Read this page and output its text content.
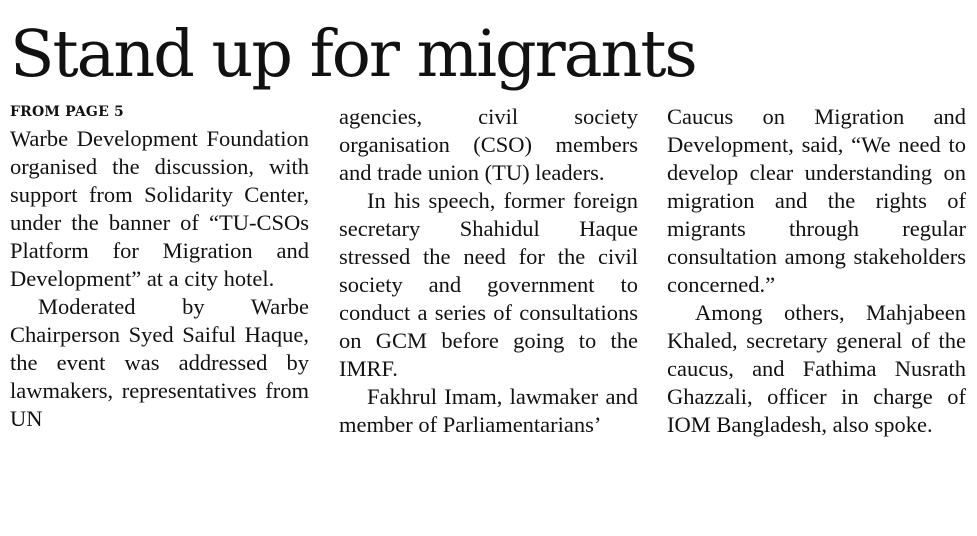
Stand up for migrants
FROM PAGE 5

Warbe Development Foundation organised the discussion, with support from Solidarity Center, under the banner of “TU-CSOs Platform for Migration and Development” at a city hotel.

Moderated by Warbe Chairperson Syed Saiful Haque, the event was addressed by lawmakers, representatives from UN

agencies, civil society organisation (CSO) members and trade union (TU) leaders.

In his speech, former foreign secretary Shahidul Haque stressed the need for the civil society and government to conduct a series of consultations on GCM before going to the IMRF.

Fakhrul Imam, lawmaker and member of Parliamentarians’

Caucus on Migration and Development, said, “We need to develop clear understanding on migration and the rights of migrants through regular consultation among stakeholders concerned.”

Among others, Mahjabeen Khaled, secretary general of the caucus, and Fathima Nusrath Ghazzali, officer in charge of IOM Bangladesh, also spoke.
